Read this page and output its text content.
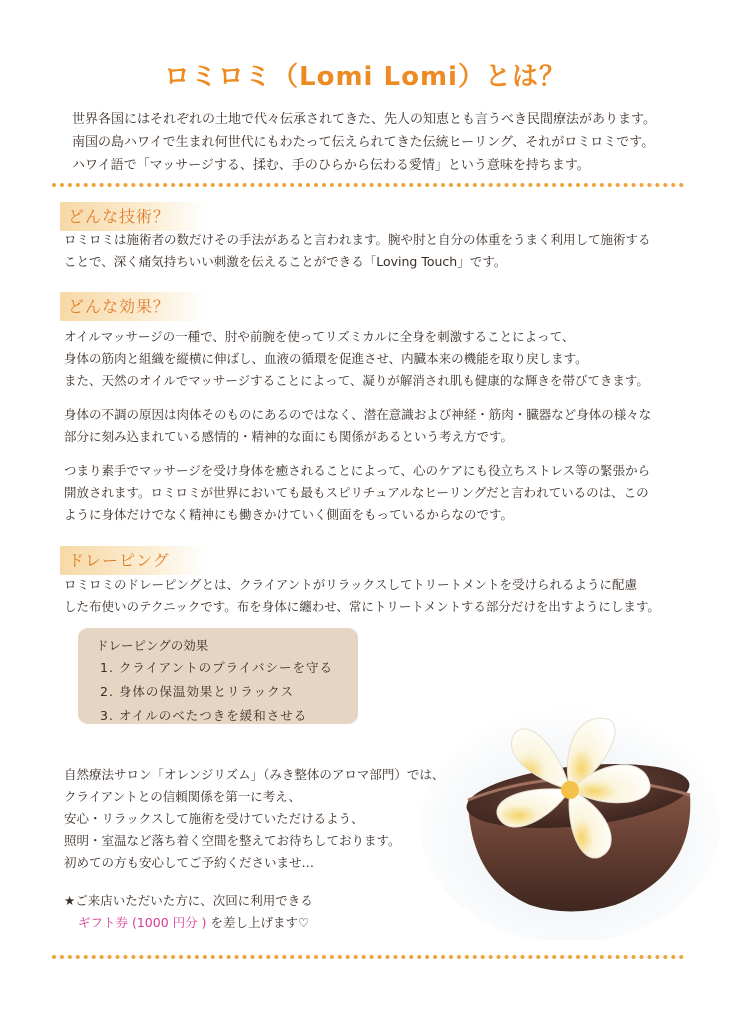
ロミロミ（Lomi Lomi）とは？
世界各国にはそれぞれの土地で代々伝承されてきた、先人の知恵とも言うべき民間療法があります。
南国の島ハワイで生まれ何世代にもわたって伝えられてきた伝統ヒーリング、それがロミロミです。
ハワイ語で「マッサージする、揉む、手のひらから伝わる愛情」という意味を持ちます。
どんな技術？
ロミロミは施術者の数だけその手法があると言われます。腕や肘と自分の体重をうまく利用して施術する
ことで、深く痛気持ちいい刺激を伝えることができる「Loving Touch」です。
どんな効果？
オイルマッサージの一種で、肘や前腕を使ってリズミカルに全身を刺激することによって、
身体の筋肉と組織を縦横に伸ばし、血液の循環を促進させ、内臓本来の機能を取り戻します。
また、天然のオイルでマッサージすることによって、凝りが解消され肌も健康的な輝きを帯びてきます。
身体の不調の原因は肉体そのものにあるのではなく、潜在意識および神経・筋肉・臓器など身体の様々な
部分に刻み込まれている感情的・精神的な面にも関係があるという考え方です。
つまり素手でマッサージを受け身体を癒されることによって、心のケアにも役立ちストレス等の緊張から
開放されます。ロミロミが世界においても最もスピリチュアルなヒーリングだと言われているのは、この
ように身体だけでなく精神にも働きかけていく側面をもっているからなのです。
ドレーピング
ロミロミのドレーピングとは、クライアントがリラックスしてトリートメントを受けられるように配慮
した布使いのテクニックです。布を身体に纏わせ、常にトリートメントする部分だけを出すようにします。
ドレーピングの効果
1. クライアントのプライバシーを守る
2. 身体の保温効果とリラックス
3. オイルのべたつきを緩和させる
自然療法サロン「オレンジリズム」（みき整体のアロマ部門）では、
クライアントとの信頼関係を第一に考え、
安心・リラックスして施術を受けていただけるよう、
照明・室温など落ち着く空間を整えてお待ちしております。
初めての方も安心してご予約くださいませ…
★ご来店いただいた方に、次回に利用できる
ギフト券 (1000 円分 ) を差し上げます♡
